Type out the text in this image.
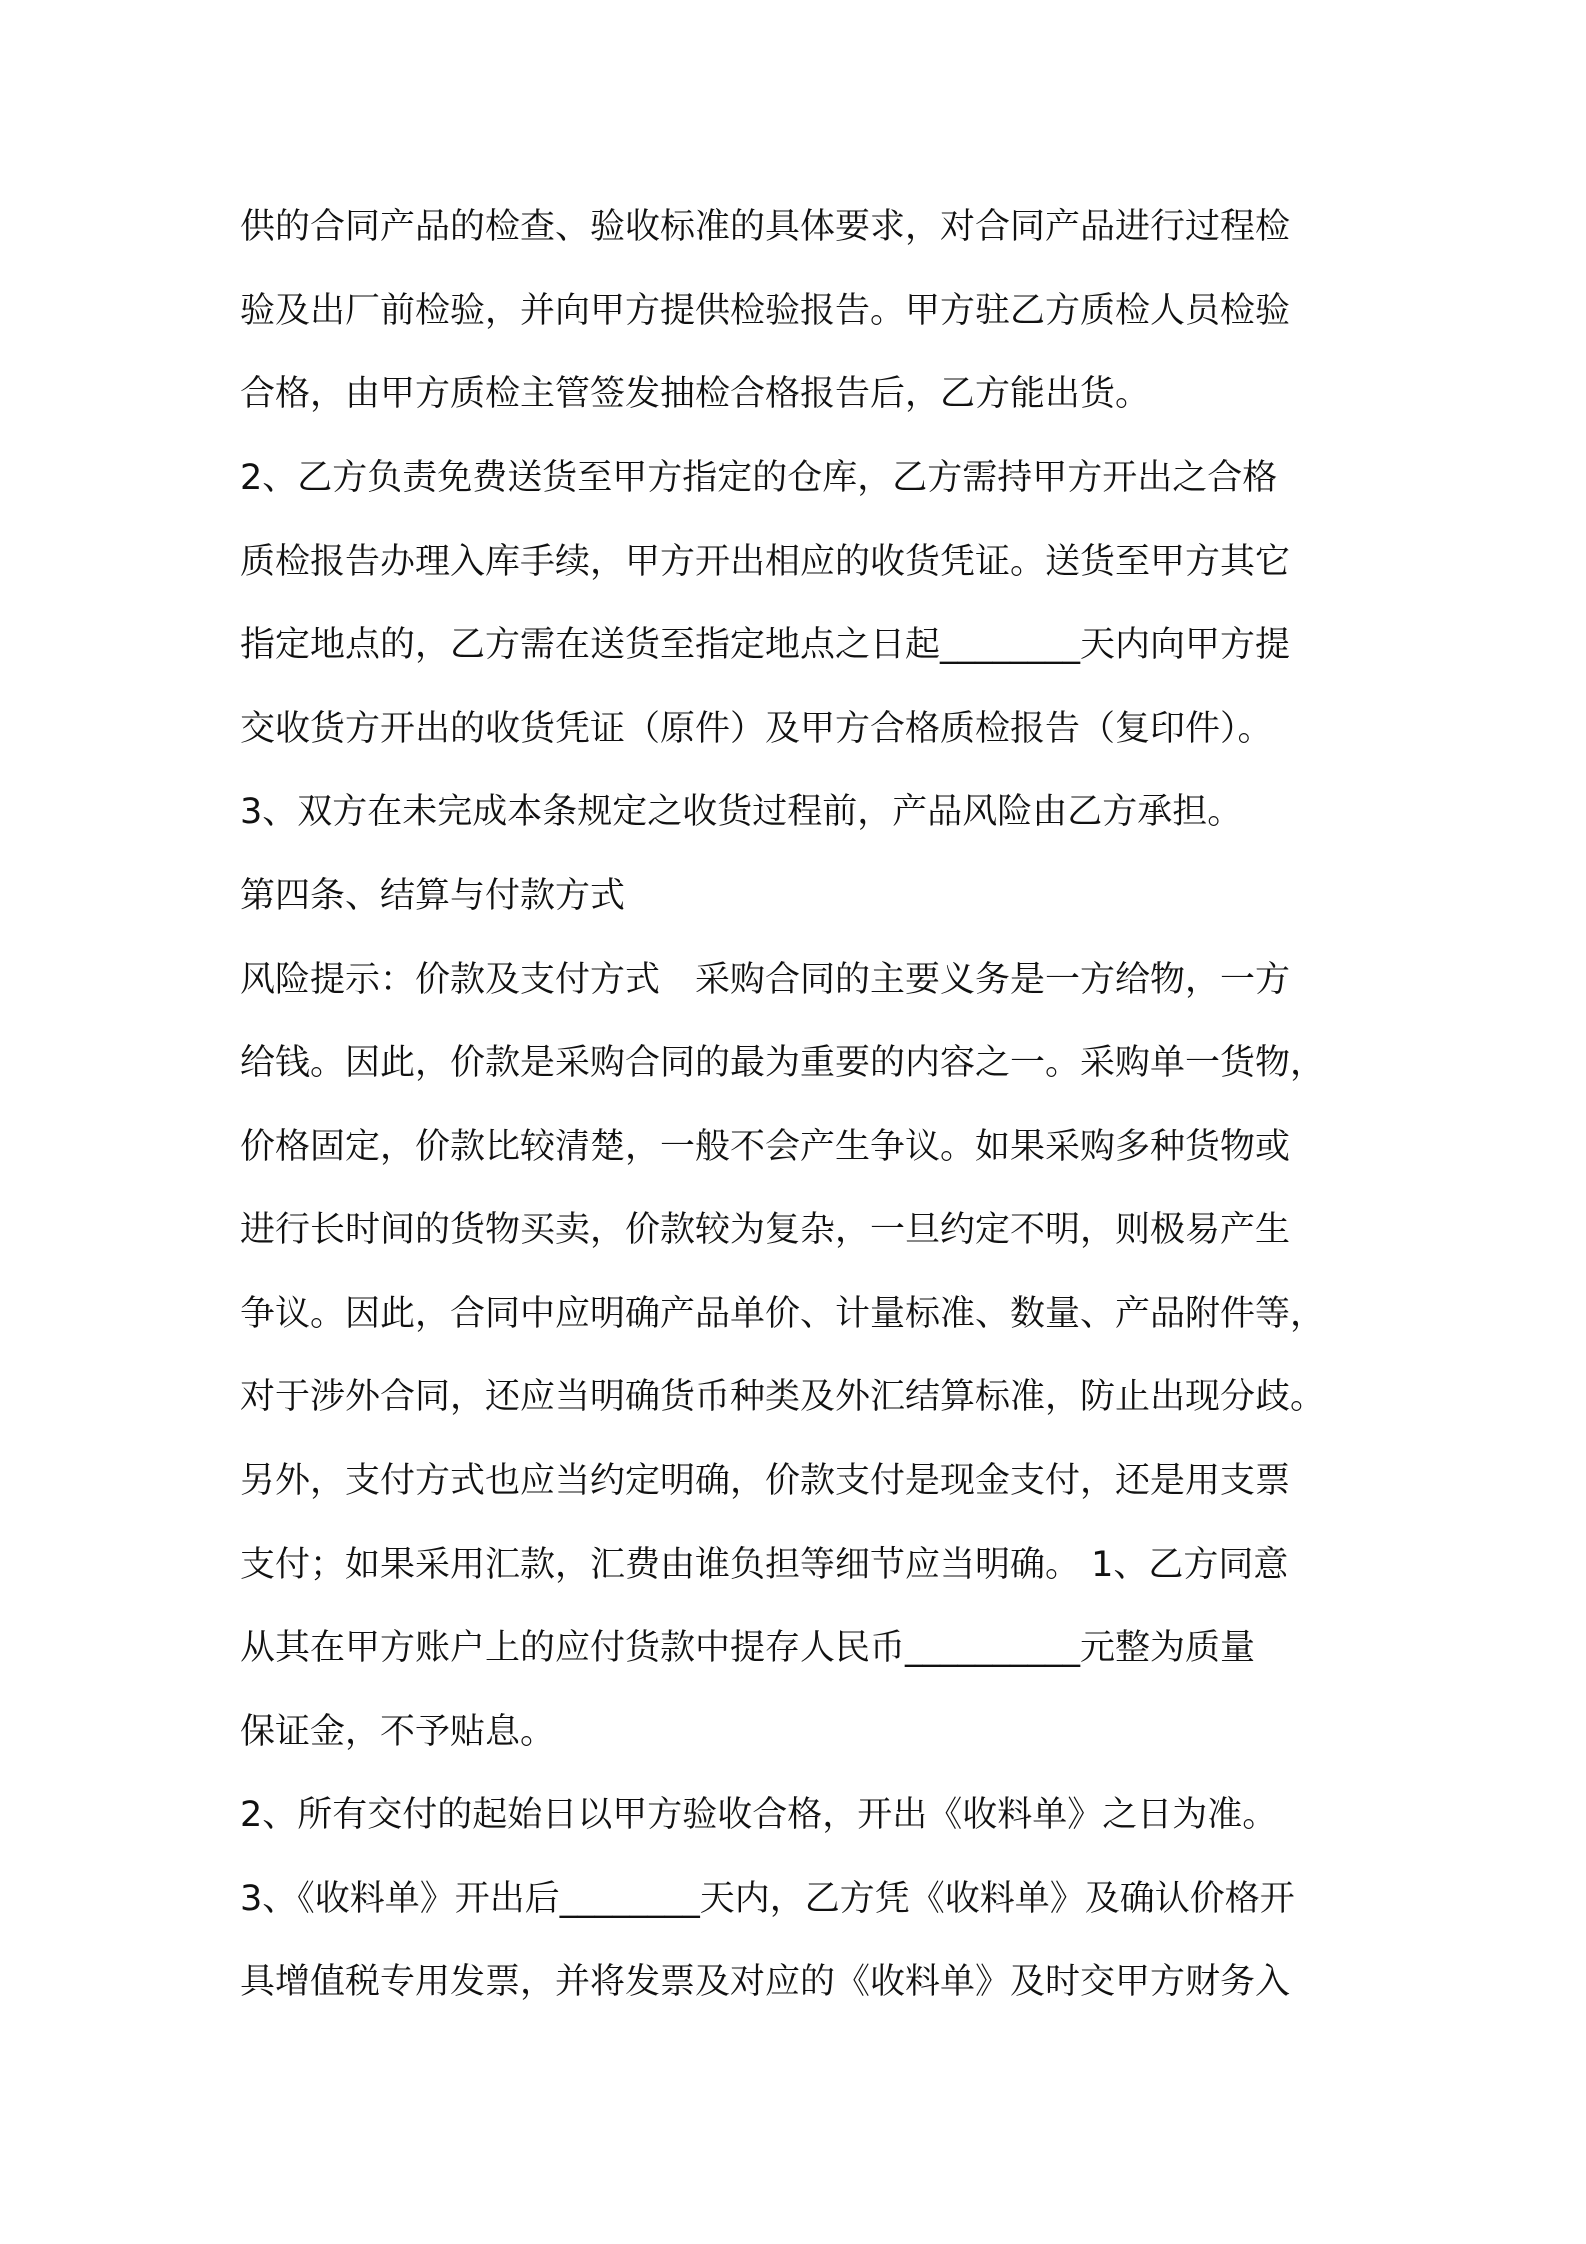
供的合同产品的检查、验收标准的具体要求，对合同产品进行过程检
验及出厂前检验，并向甲方提供检验报告。甲方驻乙方质检人员检验
合格，由甲方质检主管签发抽检合格报告后，乙方能出货。
2、乙方负责免费送货至甲方指定的仓库，乙方需持甲方开出之合格
质检报告办理入库手续，甲方开出相应的收货凭证。送货至甲方其它
指定地点的，乙方需在送货至指定地点之日起________天内向甲方提
交收货方开出的收货凭证（原件）及甲方合格质检报告（复印件）。
3、双方在未完成本条规定之收货过程前，产品风险由乙方承担。
第四条、结算与付款方式
风险提示：价款及支付方式　采购合同的主要义务是一方给物，一方
给钱。因此，价款是采购合同的最为重要的内容之一。采购单一货物，
价格固定，价款比较清楚，一般不会产生争议。如果采购多种货物或
进行长时间的货物买卖，价款较为复杂，一旦约定不明，则极易产生
争议。因此，合同中应明确产品单价、计量标准、数量、产品附件等，
对于涉外合同，还应当明确货币种类及外汇结算标准，防止出现分歧。
另外，支付方式也应当约定明确，价款支付是现金支付，还是用支票
支付；如果采用汇款，汇费由谁负担等细节应当明确。 1、乙方同意
从其在甲方账户上的应付货款中提存人民币__________元整为质量
保证金，不予贴息。
2、所有交付的起始日以甲方验收合格，开出《收料单》之日为准。
3、《收料单》开出后________天内，乙方凭《收料单》及确认价格开
具增值税专用发票，并将发票及对应的《收料单》及时交甲方财务入
